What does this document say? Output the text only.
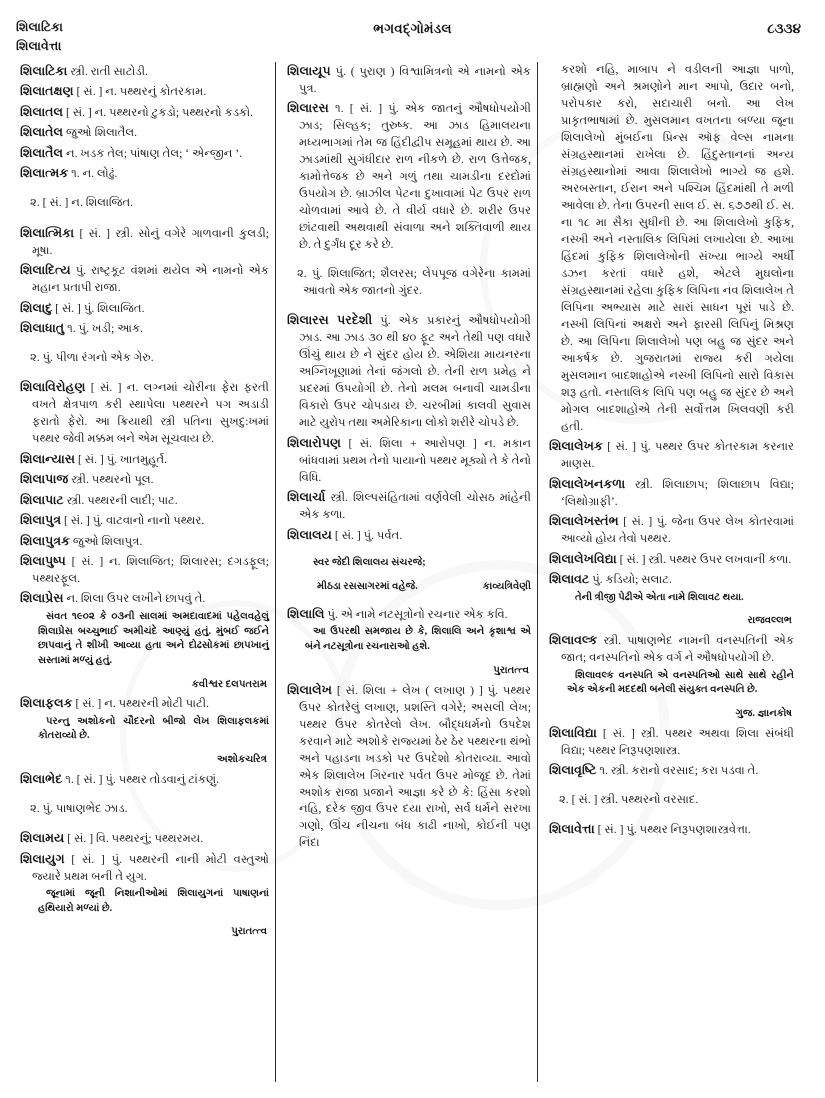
શિલાટિકા
શિલાવેત્તા
ભગવદ્ગોમંડલ	૮૩૩૪

શિલાટિકા સ્ત્રી. રાતી સાટોડી.

શિલાતક્ષણ [ સં. ] ન. પથ્થરનું કોતરકામ.

શિલાતલ [ સં. ] ન. પથ્થરનો ટુકડો; પથ્થરનો કડકો.

શિલાતેલ જુઓ શિલાતૈલ.

શિલાતૈલ ન. ખડક તેલ; પાંષાણ તેલ; ‘ એન્જીન ’.

શિલાત્મક ૧. ન. લોઢું.

૨. [ સં. ] ન. શિલાજિત.

શિલાત્મિકા [ સં. ] સ્ત્રી. સોનું વગેરે ગાળવાની કુલડી; મૂષા.

શિલાદિત્ય પું. રાષ્ટ્રકૂટ વંશમાં થયેલ એ નામનો એક મહાન પ્રતાપી રાજા.

શિલાદુ [ સં. ] પું. શિલાજિત.

શિલાધાતુ ૧. પું. ખડી; આક.

૨. પું. પીળા રંગનો એક ગેરુ.

શિલાવિરોહણ [ સં. ] ન. લગ્નમાં ચોરીના ફેરા ફરતી વખતે ક્ષેત્રપાળ કરી સ્થાપેલા પથ્થરને પગ અડાડી ફરાતો ફેરો. આ ક્રિયાથી સ્ત્રી પતિના સુખદુ:ખમાં પથ્થર જેવી મક્કમ બને એમ સૂચવાય છે.

શિલાન્યાસ [ સં. ] પું. ખાતમુહૂર્ત.

શિલાપાજ સ્ત્રી. પથ્થરનો પૂલ.

શિલાપાટ સ્ત્રી. પથ્થરની લાદી; પાટ.

શિલાપુત્ર [ સં. ] પું. વાટવાનો નાનો પથ્થર.

શિલાપુત્રક જુઓ શિલાપુત્ર.

શિલાપુષ્પ [ સં. ] ન. શિલાજિત; શિલારસ; દગડફૂલ; પથ્થરફૂલ.

શિલાપ્રેસ ન. શિલા ઉપર લખીને છાપવું તે.

સંવત ૧૯૦૨ કે ૦૩ની સાલમાં અમદાવાદમાં પહેલવહેલું શિલાપ્રેસ બચ્ચુભાઈ અમીચંદે આણ્યું હતું. મુંબઈ જઈને છાપવાનું તે શીખી આવ્યા હતા અને દોઢસોકમાં છાપખાનું સસ્તામાં મળ્યું હતું.

કવીશ્વર દલપતરામ

શિલાફલક [ સં. ] ન. પથ્થરની મોટી પાટી.

પરન્તુ અશોકનો ચૌદરનો બીજો લેખ શિલાફલકમાં કોતરાવ્યો છે.

અશોકચરિત્ર

શિલાભેદ ૧. [ સં. ] પું. પથ્થર તોડવાનું ટાંકણું.

૨. પું. પાષાણભેદ ઝાડ.

શિલામય [ સં. ] વિ. પથ્થરનું; પથ્થરમય.

શિલાયુગ [ સં. ] પું. પથ્થરની નાની મોટી વસ્તુઓ જ્યારે પ્રથમ બની તે યુગ.

જૂનામાં જૂની નિશાનીઓમાં શિલાયુગનાં પાષાણનાં હથિયારો મળ્યાં છે.

પુરાતત્ત્વ

શિલાયૂપ પું. ( પુરાણ ) વિશ્વામિત્રનો એ નામનો એક પુત્ર.

શિલારસ ૧. [ સં. ] પું. એક જાતનું ઔષધોપયોગી ઝાડ; સિલ્હક; તુરુષ્ક. આ ઝાડ હિમાલયના મધ્યભાગમાં તેમ જ હિંદીદ્વીપ સમૂહમાં થાય છે. આ ઝાડમાંથી સુગંધીદાર રાળ નીકળે છે. રાળ ઉત્તેજક, કામોત્તેજક છે અને ગળું તથા ચામડીના દરદોમાં ઉપયોગ છે. બ્રાઝીલ પેટના દુખાવામાં પેટ ઉપર રાળ ચોળવામાં આવે છે. તે વીર્ય વધારે છે. શરીર ઉપર છાંટવાથી અથવાથી સંવાળા અને શક્તિવાળી થાય છે. તે દુર્ગંધ દૂર કરે છે.

૨. પું. શિલાજિત; શૈલરસ; લેપપૂજ વગેરેના કામમાં આવતો એક જાતનો ગુંદર.

શિલારસ પરદેશી પું. એક પ્રકારનું ઔષધોપયોગી ઝાડ. આ ઝાડ ૩૦ થી ૪૦ ફૂટ અને તેથી પણ વધારે ઊંચું થાય છે ને સુંદર હોય છે. એશિયા માયનરના અગ્નિખૂણામાં તેનાં જંગલો છે. તેની રાળ પ્રમેહ ને પ્રદરમાં ઉપયોગી છે. તેનો મલમ બનાવી ચામડીના વિકારો ઉપર ચોપડાય છે. ચરબીમાં કાલવી સુવાસ માટે યુરોપ તથા અમેરિકાના લોકો શરીરે ચોપડે છે.

શિલારોપણ [ સં. શિલા + આરોપણ ] ન. મકાન બાંધવામાં પ્રથમ તેનો પાયાનો પથ્થર મૂક્યો તે કે તેનો વિધિ.

શિલાર્ચા સ્ત્રી. શિલ્પસંહિતામાં વર્ણવેલી ચોસઠ માંહેની એક કળા.

શિલાલય [ સં. ] પું. પર્વત.

સ્વર જેદી શિલાલય સંચરજે;

મીઠડા રસસાગરમાં વહેજે.	કાવ્યત્રિવેણી

શિલાલિ પું. એ નામે નટસૂત્રોનો રચનાર એક કવિ.

આ ઉપરથી સમજાય છે કે, શિલાલિ અને કૃશાશ્વ એ બંને નટસૂત્રોના રચનારાઓ હશે.

પુરાતત્ત્વ

શિલાલેખ [ સં. શિલા + લેખ ( લખાણ ) ] પું. પથ્થર ઉપર કોતરેલું લખાણ, પ્રશસ્તિ વગેરે; અસલી લેખ; પથ્થર ઉપર કોતરેલો લેખ. બૌદ્ધધર્મનો ઉપદેશ કરવાને માટે અશોકે રાજ્યમાં ઠેર ઠેર પથ્થરના થંભો અને પહાડના ખડકો પર ઉપદેશો કોતરાવ્યા. આવો એક શિલાલેખ ગિરનાર પર્વત ઉપર મોજૂદ છે. તેમાં અશોક રાજા પ્રજાને આજ્ઞા કરે છે કે: હિંસા કરશો નહિ, દરેક જીવ ઉપર દયા રાખો, સર્વ ધર્મને સરખા ગણો, ઊંચ નીચના બંધ કાઢી નાખો, કોઈની પણ નિંદા

કરશો નહિ, માબાપ ને વડીલની આજ્ઞા પાળો, બ્રાહ્મણો અને શ્રમણોને માન આપો, ઉદાર બનો, પરોપકાર કરો, સદાચારી બનો. આ લેખ પ્રાકૃતભાષામાં છે. મુસલમાન વખતના બળ્યા જૂના શિલાલેખો મુંબઈના પ્રિન્સ ઑફ વેલ્સ નામના સંગ્રહસ્થાનમાં રાખેલા છે. હિંદુસ્તાનનાં અન્ય સંગ્રહસ્થાનોમાં આવા શિલાલેખો ભાગ્યે જ હશે. અરબસ્તાન, ઈરાન અને પશ્ચિમ હિંદમાંથી તે મળી આવેલા છે. તેના ઉપરની સાલ ઈ. સ. ૬૭૭થી ઈ. સ. ના ૧૮ મા સૈકા સુધીની છે. આ શિલાલેખો કુફિક, નસ્ખી અને નસ્તાલિક લિપિમાં લખાયેલા છે. આખા હિંદમાં કુફિક શિલાલેખોની સંખ્યા ભાગ્યે અર્ધી ડઝન કરતાં વધારે હશે, એટલે મુઘલોના સંગ્રહસ્થાનમાં રહેલા કુફિક લિપિના નવ શિલાલેખ તે લિપિના અભ્યાસ માટે સારાં સાધન પૂરાં પાડે છે. નસ્ખી લિપિનાં અક્ષરો અને ફારસી લિપિનું મિશ્રણ છે. આ લિપિના શિલાલેખો પણ બહુ જ સુંદર અને આકર્ષક છે. ગુજરાતમાં રાજ્ય કરી ગયેલા મુસલમાન બાદશાહોએ નસ્ખી લિપિનો સારો વિકાસ શરૂ હતો. નસ્તાલિક લિપિ પણ બહુ જ સુંદર છે અને મોગલ બાદશાહોએ તેની સર્વોત્તમ ખિલવણી કરી હતી.

શિલાલેખક [ સં. ] પું. પથ્થર ઉપર કોતરકામ કરનાર માણસ.

શિલાલેખનકળા સ્ત્રી. શિલાછાપ; શિલાછાપ વિદ્યા; ‘લિથોગ્રાફી’.

શિલાલેખસ્તંભ [ સં. ] પું. જેના ઉપર લેખ કોતરવામાં આવ્યો હોય તેવો પથ્થર.

શિલાલેખવિદ્યા [ સં. ] સ્ત્રી. પથ્થર ઉપર લખવાની કળા.

શિલાવટ પું. કડિયો; સલાટ.

તેની ત્રીજી પેઢીએ એતા નામે શિલાવટ થયા.

રાજવલ્લભ

શિલાવલ્ક સ્ત્રી. પાષાણભેદ નામની વનસ્પતિની એક જાત; વનસ્પતિનો એક વર્ગ ને ઔષધોપયોગી છે.

શિલાવલ્ક વનસ્પતિ એ વનસ્પતિઓ સાથે સાથે રહીને એક એકની મદદથી બનેલી સંયુક્ત વનસ્પતિ છે.

ગુજ. જ્ઞાનકોષ

શિલાવિદ્યા [ સં. ] સ્ત્રી. પથ્થર અથવા શિલા સંબંધી વિદ્યા; પથ્થર નિરૂપણશાસ્ત્ર.

શિલાવૃષ્ટિ ૧. સ્ત્રી. કરાનો વરસાદ; કરા પડવા તે.

૨. [ સં. ] સ્ત્રી. પથ્થરનો વરસાદ.

શિલાવેત્તા [ સં. ] પું. પથ્થર નિરૂપણશાસ્ત્રવેત્તા.
